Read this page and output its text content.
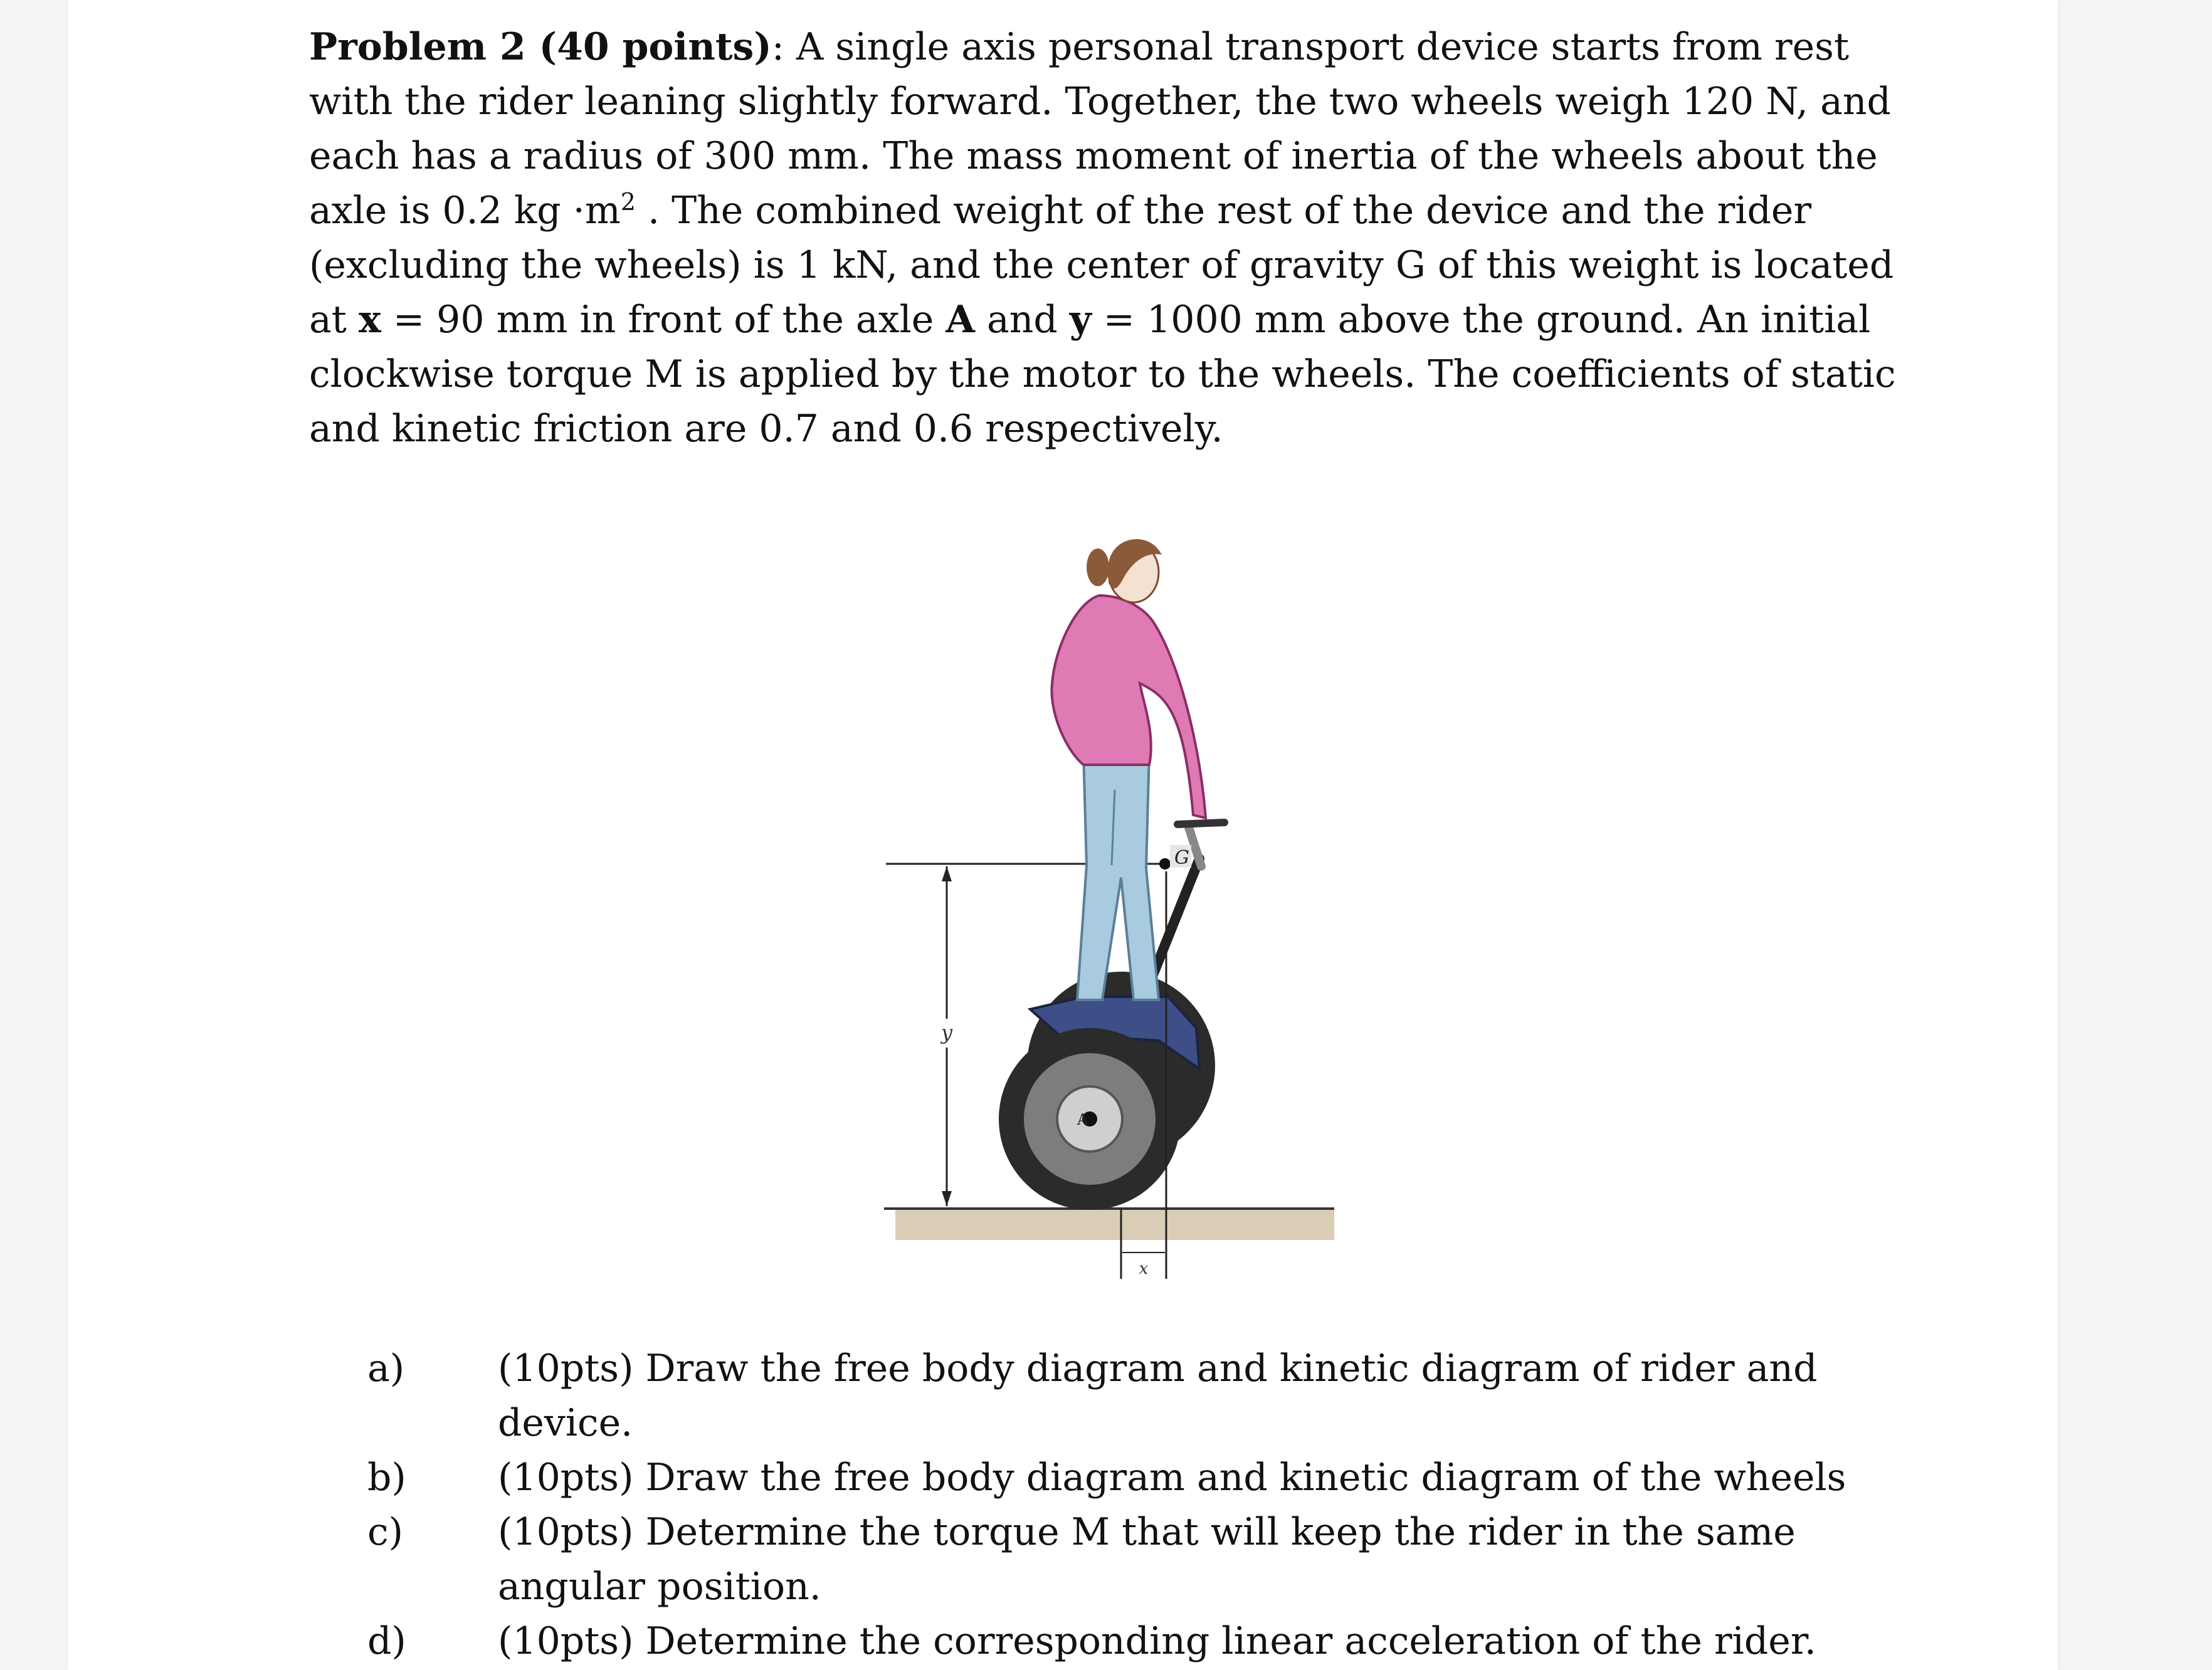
Problem 2 (40 points): A single axis personal transport device starts from rest with the rider leaning slightly forward. Together, the two wheels weigh 120 N, and each has a radius of 300 mm. The mass moment of inertia of the wheels about the axle is 0.2 kg $\cdot m^2$ . The combined weight of the rest of the device and the rider (excluding the wheels) is 1 kN, and the center of gravity G of this weight is located at x = 90 mm in front of the axle A and y = 1000 mm above the ground. An initial clockwise torque M is applied by the motor to the wheels. The coefficients of static and kinetic friction are 0.7 and 0.6 respectively.
y
A
G
x
a) (10pts) Draw the free body diagram and kinetic diagram of rider and device.
b) (10pts) Draw the free body diagram and kinetic diagram of the wheels
c)	(10pts) Determine the torque M that will keep the rider in the same angular position.
d) (10pts) Determine the corresponding linear acceleration of the rider.
